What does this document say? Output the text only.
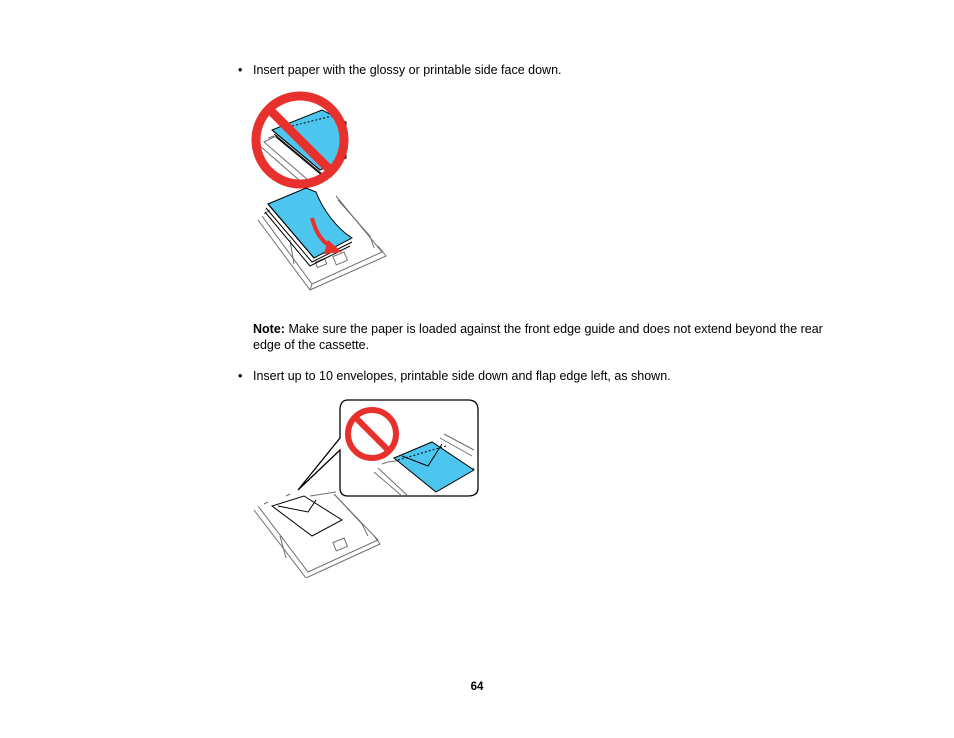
• Insert paper with the glossy or printable side face down.
Note: Make sure the paper is loaded against the front edge guide and does not extend beyond the rear edge of the cassette.
• Insert up to 10 envelopes, printable side down and flap edge left, as shown.
64
